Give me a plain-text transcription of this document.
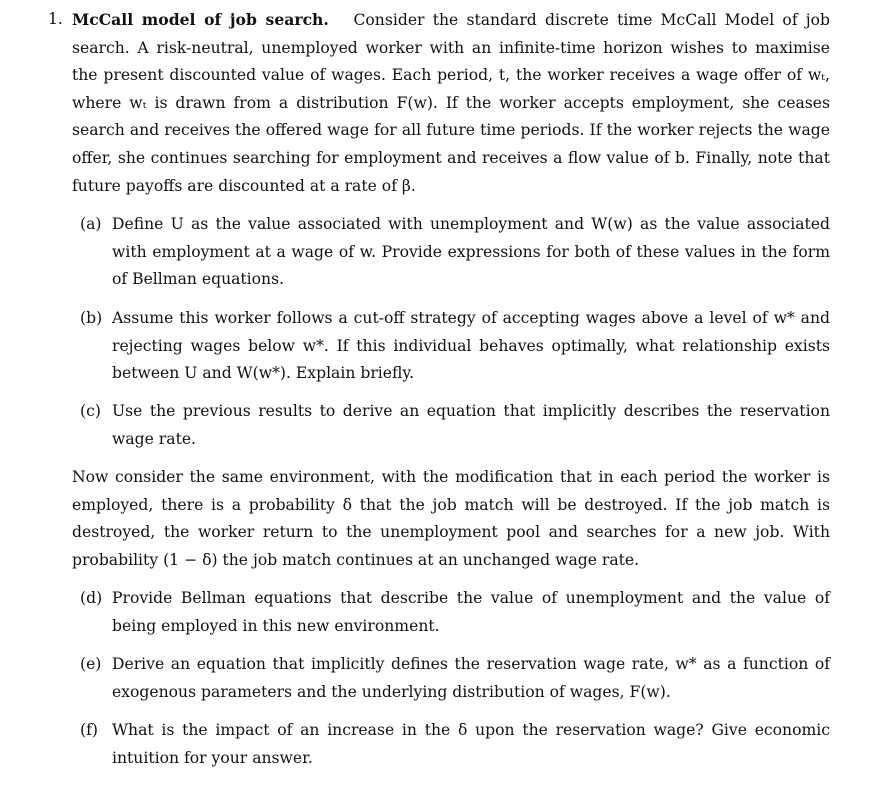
1. McCall model of job search. Consider the standard discrete time McCall Model of job search. A risk-neutral, unemployed worker with an infinite-time horizon wishes to maximise the present discounted value of wages. Each period, t, the worker receives a wage offer of wₜ, where wₜ is drawn from a distribution F(w). If the worker accepts employment, she ceases search and receives the offered wage for all future time periods. If the worker rejects the wage offer, she continues searching for employment and receives a flow value of b. Finally, note that future payoffs are discounted at a rate of β.

(a) Define U as the value associated with unemployment and W(w) as the value associated with employment at a wage of w. Provide expressions for both of these values in the form of Bellman equations.
(b) Assume this worker follows a cut-off strategy of accepting wages above a level of w* and rejecting wages below w*. If this individual behaves optimally, what relationship exists between U and W(w*). Explain briefly.
(c) Use the previous results to derive an equation that implicitly describes the reservation wage rate.

Now consider the same environment, with the modification that in each period the worker is employed, there is a probability δ that the job match will be destroyed. If the job match is destroyed, the worker return to the unemployment pool and searches for a new job. With probability (1 − δ) the job match continues at an unchanged wage rate.

(d) Provide Bellman equations that describe the value of unemployment and the value of being employed in this new environment.
(e) Derive an equation that implicitly defines the reservation wage rate, w* as a function of exogenous parameters and the underlying distribution of wages, F(w).
(f) What is the impact of an increase in the δ upon the reservation wage? Give economic intuition for your answer.
